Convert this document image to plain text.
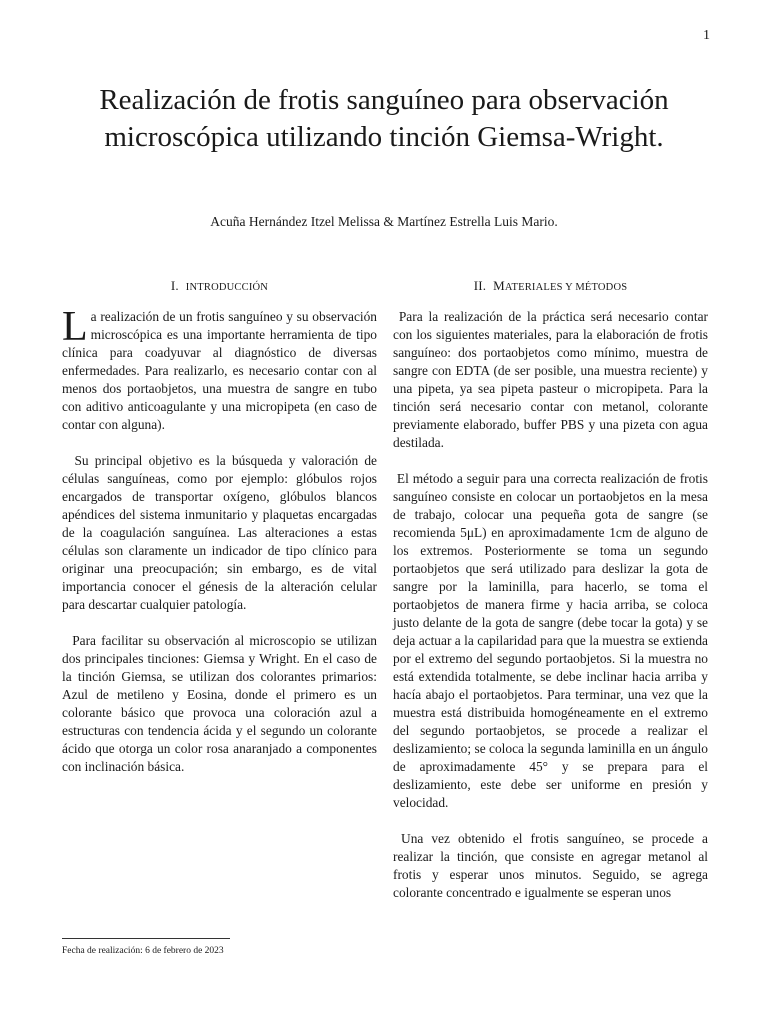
1
Realización de frotis sanguíneo para observación microscópica utilizando tinción Giemsa-Wright.
Acuña Hernández Itzel Melissa & Martínez Estrella Luis Mario.
I. INTRODUCCIÓN

La realización de un frotis sanguíneo y su observación microscópica es una importante herramienta de tipo clínica para coadyuvar al diagnóstico de diversas enfermedades. Para realizarlo, es necesario contar con al menos dos portaobjetos, una muestra de sangre en tubo con aditivo anticoagulante y una micropipeta (en caso de contar con alguna).

Su principal objetivo es la búsqueda y valoración de células sanguíneas, como por ejemplo: glóbulos rojos encargados de transportar oxígeno, glóbulos blancos apéndices del sistema inmunitario y plaquetas encargadas de la coagulación sanguínea. Las alteraciones a estas células son claramente un indicador de tipo clínico para originar una preocupación; sin embargo, es de vital importancia conocer el génesis de la alteración celular para descartar cualquier patología.

Para facilitar su observación al microscopio se utilizan dos principales tinciones: Giemsa y Wright. En el caso de la tinción Giemsa, se utilizan dos colorantes primarios: Azul de metileno y Eosina, donde el primero es un colorante básico que provoca una coloración azul a estructuras con tendencia ácida y el segundo un colorante ácido que otorga un color rosa anaranjado a componentes con inclinación básica.

II. MATERIALES Y MÉTODOS

Para la realización de la práctica será necesario contar con los siguientes materiales, para la elaboración de frotis sanguíneo: dos portaobjetos como mínimo, muestra de sangre con EDTA (de ser posible, una muestra reciente) y una pipeta, ya sea pipeta pasteur o micropipeta. Para la tinción será necesario contar con metanol, colorante previamente elaborado, buffer PBS y una pizeta con agua destilada.

El método a seguir para una correcta realización de frotis sanguíneo consiste en colocar un portaobjetos en la mesa de trabajo, colocar una pequeña gota de sangre (se recomienda 5μL) en aproximadamente 1cm de alguno de los extremos. Posteriormente se toma un segundo portaobjetos que será utilizado para deslizar la gota de sangre por la laminilla, para hacerlo, se toma el portaobjetos de manera firme y hacia arriba, se coloca justo delante de la gota de sangre (debe tocar la gota) y se deja actuar a la capilaridad para que la muestra se extienda por el extremo del segundo portaobjetos. Si la muestra no está extendida totalmente, se debe inclinar hacia arriba y hacía abajo el portaobjetos. Para terminar, una vez que la muestra está distribuida homogéneamente en el extremo del segundo portaobjetos, se procede a realizar el deslizamiento; se coloca la segunda laminilla en un ángulo de aproximadamente 45° y se prepara para el deslizamiento, este debe ser uniforme en presión y velocidad.

Una vez obtenido el frotis sanguíneo, se procede a realizar la tinción, que consiste en agregar metanol al frotis y esperar unos minutos. Seguido, se agrega colorante concentrado e igualmente se esperan unos

Fecha de realización: 6 de febrero de 2023
